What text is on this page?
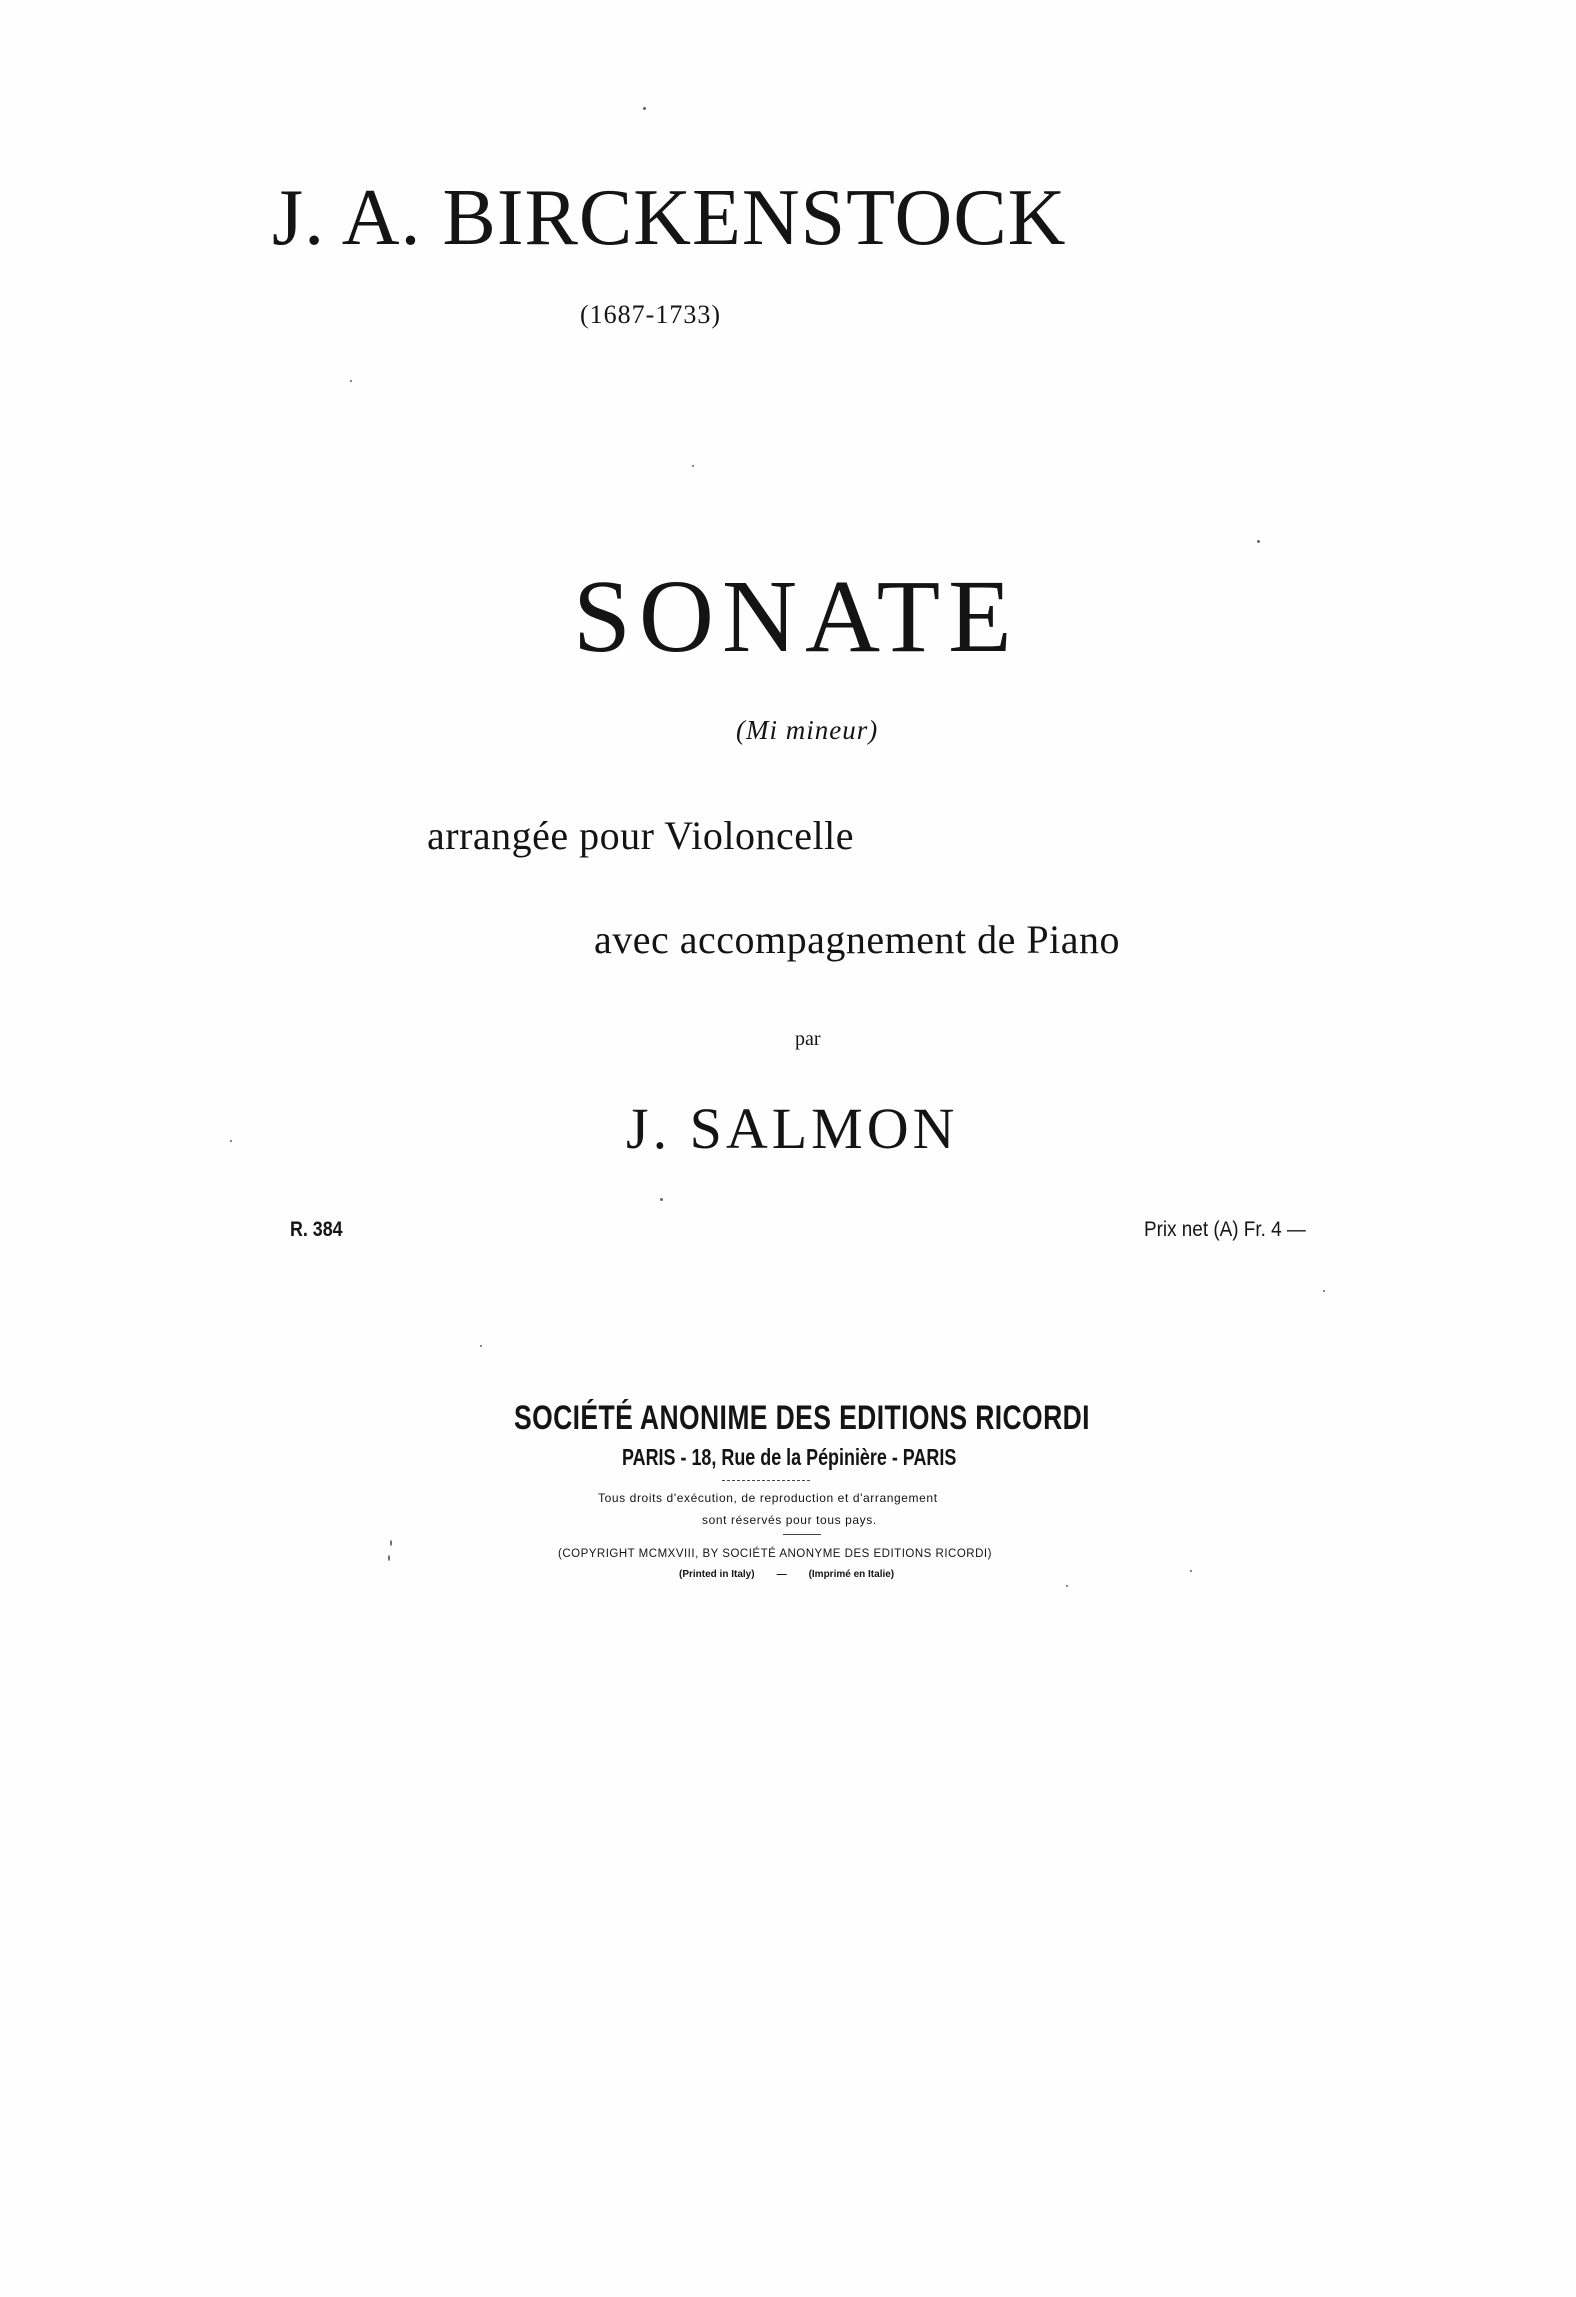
J. A. BIRCKENSTOCK
(1687-1733)
SONATE
(Mi mineur)
arrangée pour Violoncelle
avec accompagnement de Piano
par
J. SALMON
R. 384	Prix net (A) Fr. 4 —
SOCIÉTÉ ANONIME DES EDITIONS RICORDI
PARIS - 18, Rue de la Pépinière - PARIS
Tous droits d'exécution, de reproduction et d'arrangement
sont réservés pour tous pays.
(COPYRIGHT MCMXVIII, BY SOCIÉTÉ ANONYME DES EDITIONS RICORDI)
(Printed in Italy) — (Imprimé en Italie)
